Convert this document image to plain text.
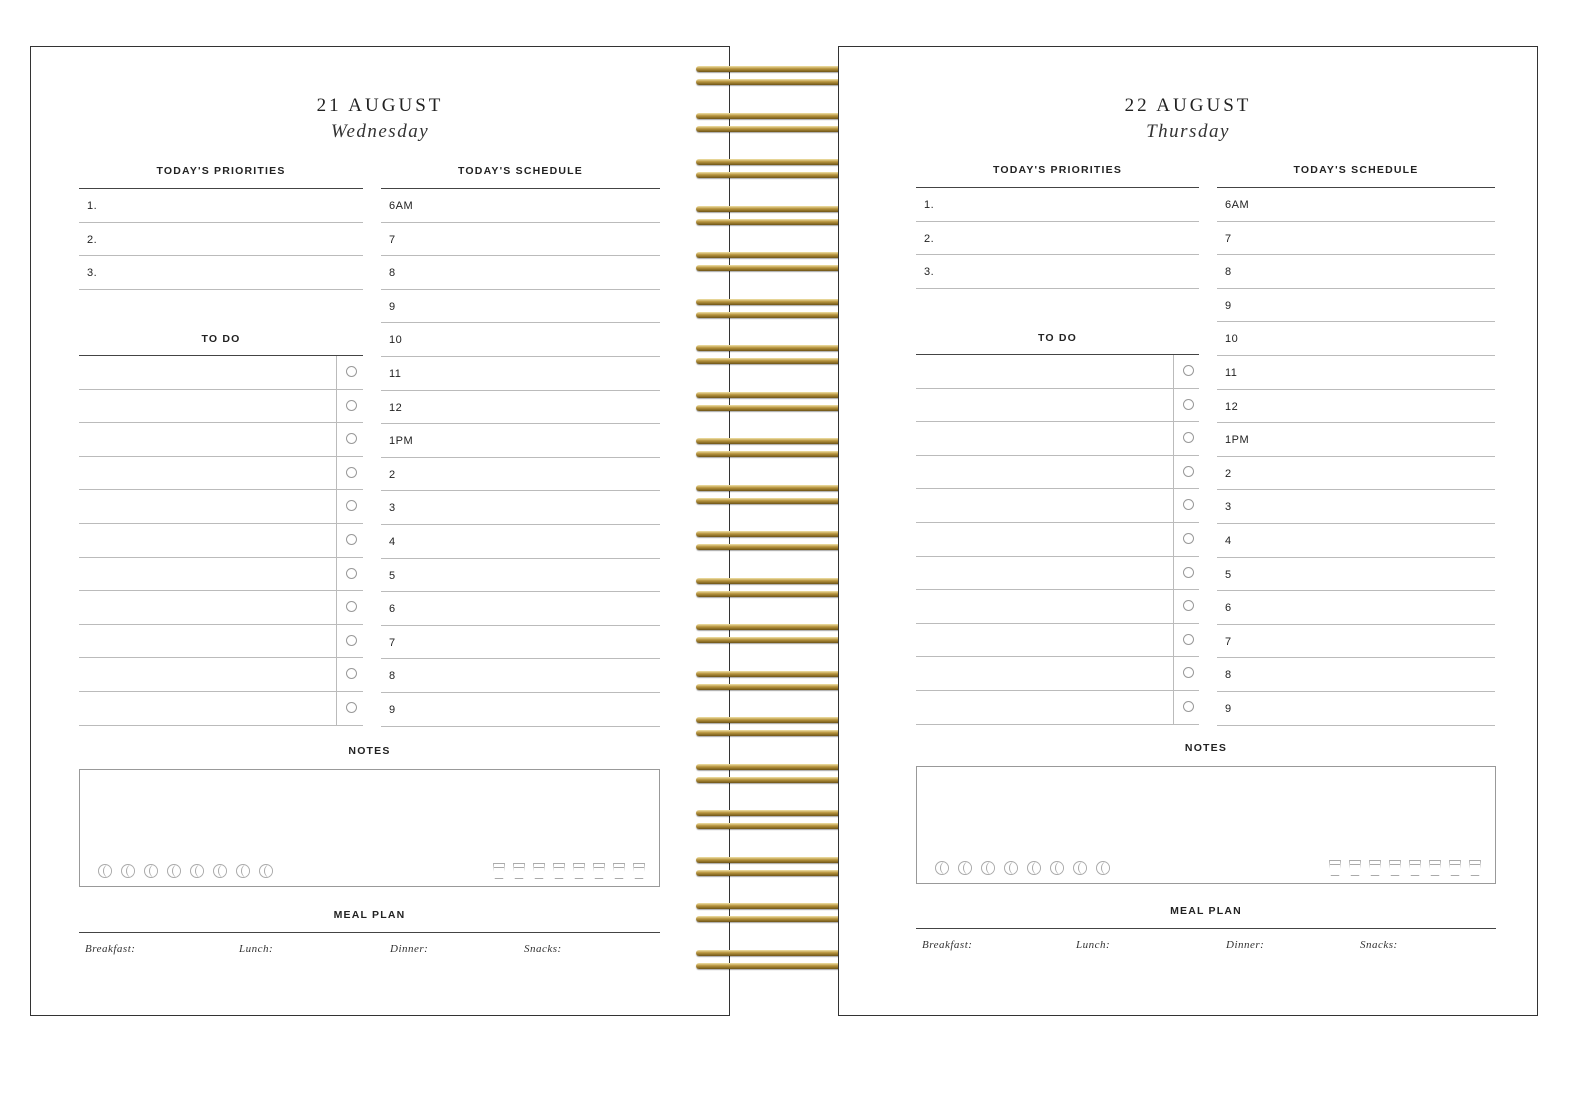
21 AUGUST
Wednesday
TODAY'S PRIORITIES
1.
2.
3.
TO DO
TODAY'S SCHEDULE
6AM
7
8
9
10
11
12
1PM
2
3
4
5
6
7
8
9
NOTES
MEAL PLAN
Breakfast:	Lunch:	Dinner:	Snacks:
22 AUGUST
Thursday
TODAY'S PRIORITIES
1.
2.
3.
TO DO
TODAY'S SCHEDULE
6AM
7
8
9
10
11
12
1PM
2
3
4
5
6
7
8
9
NOTES
MEAL PLAN
Breakfast:	Lunch:	Dinner:	Snacks:
